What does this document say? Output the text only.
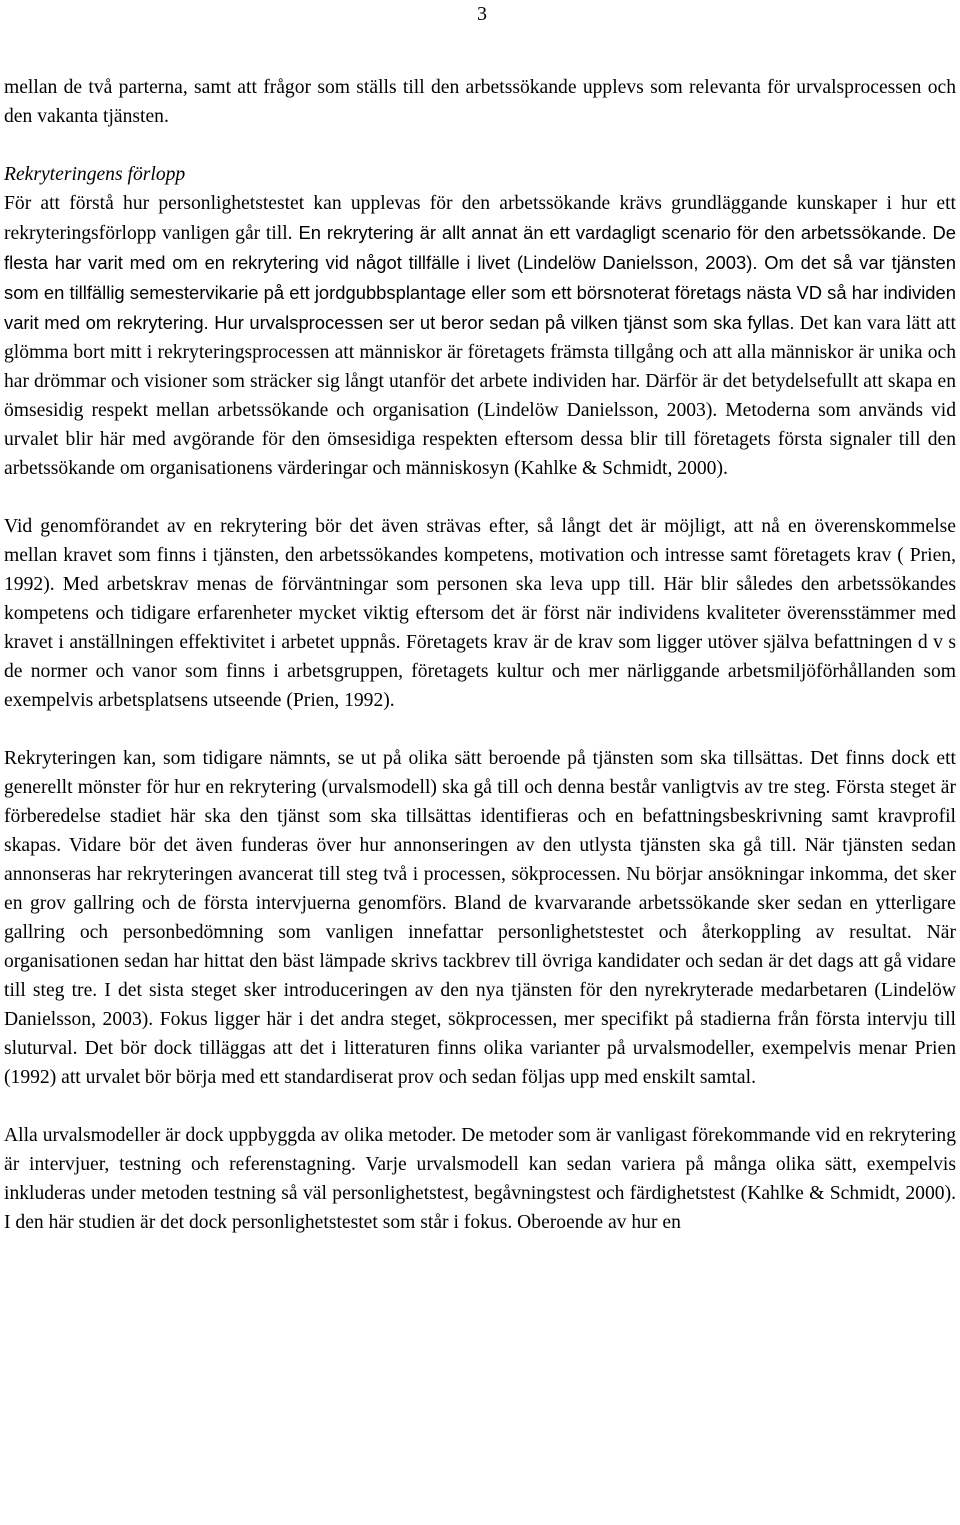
3

mellan de två parterna, samt att frågor som ställs till den arbetssökande upplevs som relevanta för urvalsprocessen och den vakanta tjänsten.

Rekryteringens förlopp

För att förstå hur personlighetstestet kan upplevas för den arbetssökande krävs grundläggande kunskaper i hur ett rekryteringsförlopp vanligen går till. En rekrytering är allt annat än ett vardagligt scenario för den arbetssökande. De flesta har varit med om en rekrytering vid något tillfälle i livet (Lindelöw Danielsson, 2003). Om det så var tjänsten som en tillfällig semestervikarie på ett jordgubbsplantage eller som ett börsnoterat företags nästa VD så har individen varit med om rekrytering. Hur urvalsprocessen ser ut beror sedan på vilken tjänst som ska fyllas. Det kan vara lätt att glömma bort mitt i rekryteringsprocessen att människor är företagets främsta tillgång och att alla människor är unika och har drömmar och visioner som sträcker sig långt utanför det arbete individen har. Därför är det betydelsefullt att skapa en ömsesidig respekt mellan arbetssökande och organisation (Lindelöw Danielsson, 2003). Metoderna som används vid urvalet blir här med avgörande för den ömsesidiga respekten eftersom dessa blir till företagets första signaler till den arbetssökande om organisationens värderingar och människosyn (Kahlke & Schmidt, 2000).

Vid genomförandet av en rekrytering bör det även strävas efter, så långt det är möjligt, att nå en överenskommelse mellan kravet som finns i tjänsten, den arbetssökandes kompetens, motivation och intresse samt företagets krav ( Prien, 1992). Med arbetskrav menas de förväntningar som personen ska leva upp till. Här blir således den arbetssökandes kompetens och tidigare erfarenheter mycket viktig eftersom det är först när individens kvaliteter överensstämmer med kravet i anställningen effektivitet i arbetet uppnås. Företagets krav är de krav som ligger utöver själva befattningen d v s de normer och vanor som finns i arbetsgruppen, företagets kultur och mer närliggande arbetsmiljöförhållanden som exempelvis arbetsplatsens utseende (Prien, 1992).

Rekryteringen kan, som tidigare nämnts, se ut på olika sätt beroende på tjänsten som ska tillsättas. Det finns dock ett generellt mönster för hur en rekrytering (urvalsmodell) ska gå till och denna består vanligtvis av tre steg. Första steget är förberedelse stadiet här ska den tjänst som ska tillsättas identifieras och en befattningsbeskrivning samt kravprofil skapas. Vidare bör det även funderas över hur annonseringen av den utlysta tjänsten ska gå till. När tjänsten sedan annonseras har rekryteringen avancerat till steg två i processen, sökprocessen. Nu börjar ansökningar inkomma, det sker en grov gallring och de första intervjuerna genomförs. Bland de kvarvarande arbetssökande sker sedan en ytterligare gallring och personbedömning som vanligen innefattar personlighetstestet och återkoppling av resultat. När organisationen sedan har hittat den bäst lämpade skrivs tackbrev till övriga kandidater och sedan är det dags att gå vidare till steg tre. I det sista steget sker introduceringen av den nya tjänsten för den nyrekryterade medarbetaren (Lindelöw Danielsson, 2003). Fokus ligger här i det andra steget, sökprocessen, mer specifikt på stadierna från första intervju till sluturval. Det bör dock tilläggas att det i litteraturen finns olika varianter på urvalsmodeller, exempelvis menar Prien (1992) att urvalet bör börja med ett standardiserat prov och sedan följas upp med enskilt samtal.

Alla urvalsmodeller är dock uppbyggda av olika metoder. De metoder som är vanligast förekommande vid en rekrytering är intervjuer, testning och referenstagning. Varje urvalsmodell kan sedan variera på många olika sätt, exempelvis inkluderas under metoden testning så väl personlighetstest, begåvningstest och färdighetstest (Kahlke & Schmidt, 2000). I den här studien är det dock personlighetstestet som står i fokus. Oberoende av hur en
